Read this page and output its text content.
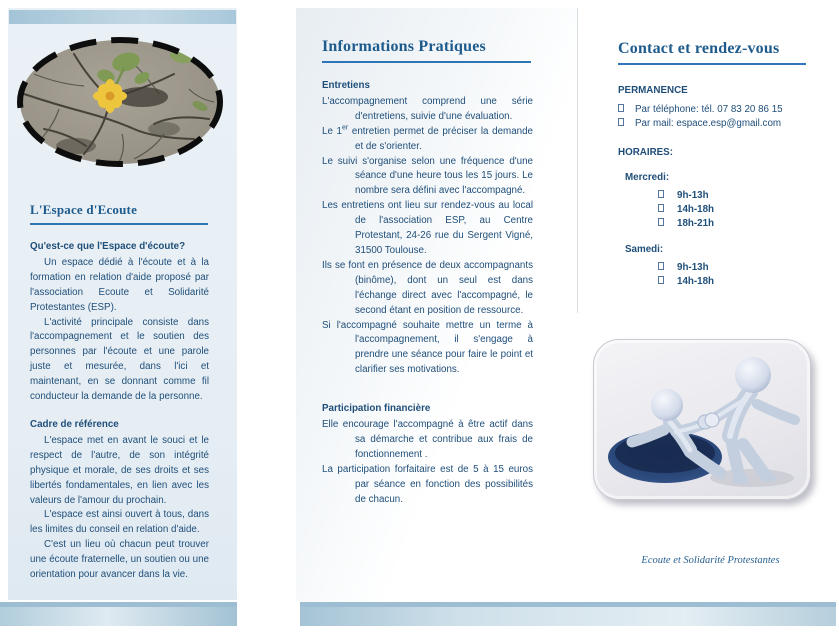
L'Espace d'Ecoute

Qu'est-ce que l'Espace d'écoute?

Un espace dédié à l'écoute et à la formation en relation d'aide proposé par l'association Ecoute et Solidarité Protestantes (ESP).

L'activité principale consiste dans l'accompagnement et le soutien des personnes par l'écoute et une parole juste et mesurée, dans l'ici et maintenant, en se donnant comme fil conducteur la demande de la personne.

Cadre de référence

L'espace met en avant le souci et le respect de l'autre, de son intégrité physique et morale, de ses droits et ses libertés fondamentales, en lien avec les valeurs de l'amour du prochain.

L'espace est ainsi ouvert à tous, dans les limites du conseil en relation d'aide.

C'est un lieu où chacun peut trouver une écoute fraternelle, un soutien ou une orientation pour avancer dans la vie.

Informations Pratiques
Entretiens

L'accompagnement comprend une série d'entretiens, suivie d'une évaluation.

Le 1er entretien permet de préciser la demande et de s'orienter.

Le suivi s'organise selon une fréquence d'une séance d'une heure tous les 15 jours. Le nombre sera défini avec l'accompagné.

Les entretiens ont lieu sur rendez-vous au local de l'association ESP, au Centre Protestant, 24-26 rue du Sergent Vigné, 31500 Toulouse.

Ils se font en présence de deux accompagnants (binôme), dont un seul est dans l'échange direct avec l'accompagné, le second étant en position de ressource.

Si l'accompagné souhaite mettre un terme à l'accompagnement, il s'engage à prendre une séance pour faire le point et clarifier ses motivations.

Participation financière

Elle encourage l'accompagné à être actif dans sa démarche et contribue aux frais de fonctionnement .

La participation forfaitaire est de 5 à 15 euros par séance en fonction des possibilités de chacun.

Contact et rendez-vous
PERMANENCE
Par téléphone: tél. 07 83 20 86 15
Par mail: espace.esp@gmail.com
HORAIRES:
Mercredi:
9h-13h
14h-18h
18h-21h
Samedi:
9h-13h
14h-18h
Ecoute et Solidarité Protestantes
